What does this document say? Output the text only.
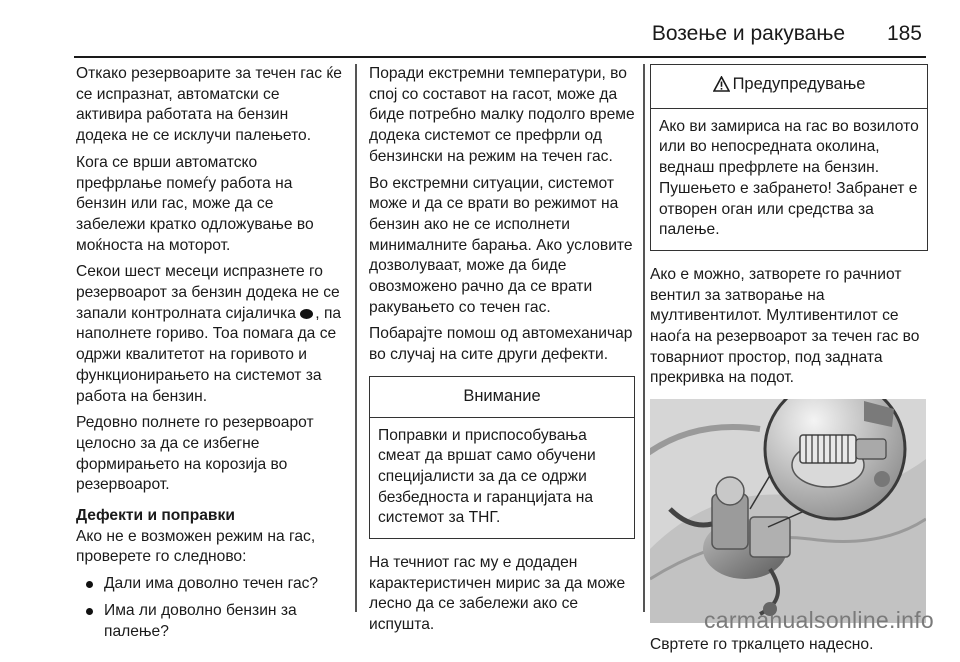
Возење и ракување 185

Откако резервоарите за течен гас ќе се испразнат, автоматски се активира работата на бензин додека не се исклучи палењето.

Кога се врши автоматско префрлање помеѓу работа на бензин или гас, може да се забележи кратко одложување во моќноста на моторот.

Секои шест месеци испразнете го резервоарот за бензин додека не се запали контролната сијаличка , па наполнете гориво. Тоа помага да се одржи квалитетот на горивото и функционирањето на системот за работа на бензин.

Редовно полнете го резервоарот целосно за да се избегне формирањето на корозија во резервоарот.

Дефекти и поправки

Ако не е возможен режим на гас, проверете го следново:

Дали има доволно течен гас?
Има ли доволно бензин за палење?

Поради екстремни температури, во спој со составот на гасот, може да биде потребно малку подолго време додека системот се префрли од бензински на режим на течен гас.

Во екстремни ситуации, системот може и да се врати во режимот на бензин ако не се исполнети минималните барања. Ако условите дозволуваат, може да биде овозможено рачно да се врати ракувањето со течен гас.

Побарајте помош од автомеханичар во случај на сите други дефекти.

Внимание
Поправки и приспособувања смеат да вршат само обучени специјалисти за да се одржи безбедноста и гаранцијата на системот за ТНГ.

На течниот гас му е додаден карактеристичен мирис за да може лесно да се забележи ако се испушта.

Предупредување
Ако ви замириса на гас во возилото или во непосредната околина, веднаш префрлете на бензин. Пушењето е забрането! Забранет е отворен оган или средства за палење.

Ако е можно, затворете го рачниот вентил за затворање на мултивентилот. Мултивентилот се наоѓа на резервоарот за течен гас во товарниот простор, под задната прекривка на подот.

Свртете го тркалцето надесно.

carmanualsonline.info
